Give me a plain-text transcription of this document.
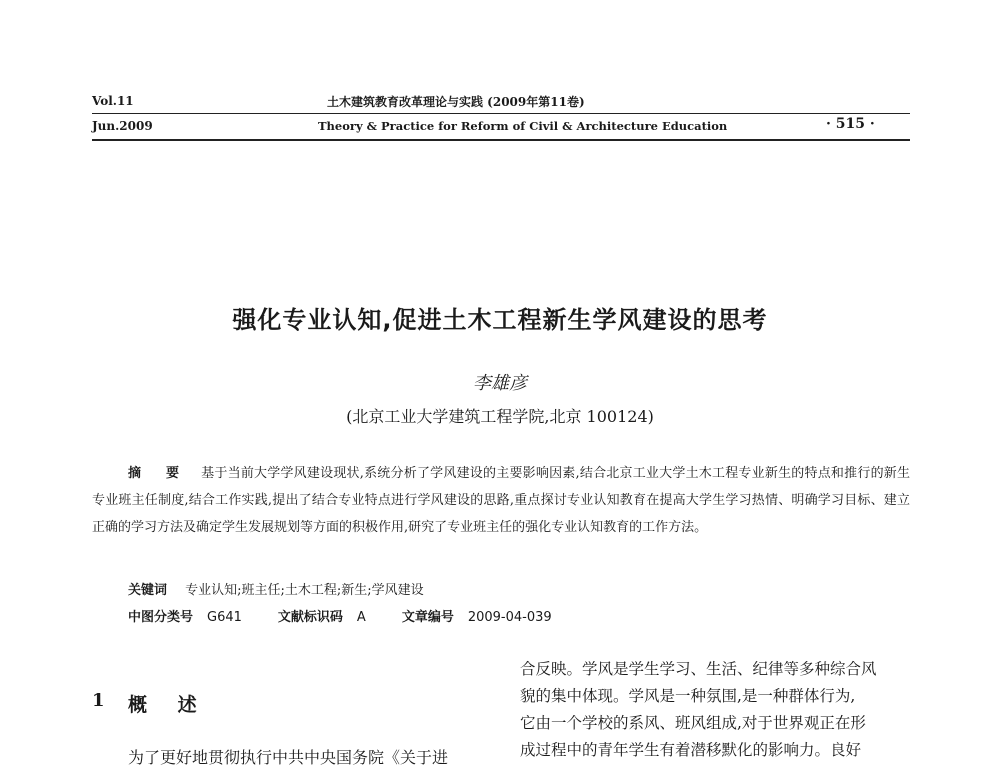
Vol.11
Jun.2009
土木建筑教育改革理论与实践 (2009年第11卷)
Theory & Practice for Reform of Civil & Architecture Education	· 515 ·
强化专业认知,促进土木工程新生学风建设的思考
李雄彦
(北京工业大学建筑工程学院,北京 100124)
摘 要 基于当前大学学风建设现状,系统分析了学风建设的主要影响因素,结合北京工业大学土木工程专业新生的特点和推行的新生专业班主任制度,结合工作实践,提出了结合专业特点进行学风建设的思路,重点探讨专业认知教育在提高大学生学习热情、明确学习目标、建立正确的学习方法及确定学生发展规划等方面的积极作用,研究了专业班主任的强化专业认知教育的工作方法。
关键词 专业认知;班主任;土木工程;新生;学风建设
中图分类号 G641	文献标识码 A	文章编号 2009-04-039
1 概 述
为了更好地贯彻执行中共中央国务院《关于进
合反映。学风是学生学习、生活、纪律等多种综合风
貌的集中体现。学风是一种氛围,是一种群体行为,
它由一个学校的系风、班风组成,对于世界观正在形
成过程中的青年学生有着潜移默化的影响力。良好
